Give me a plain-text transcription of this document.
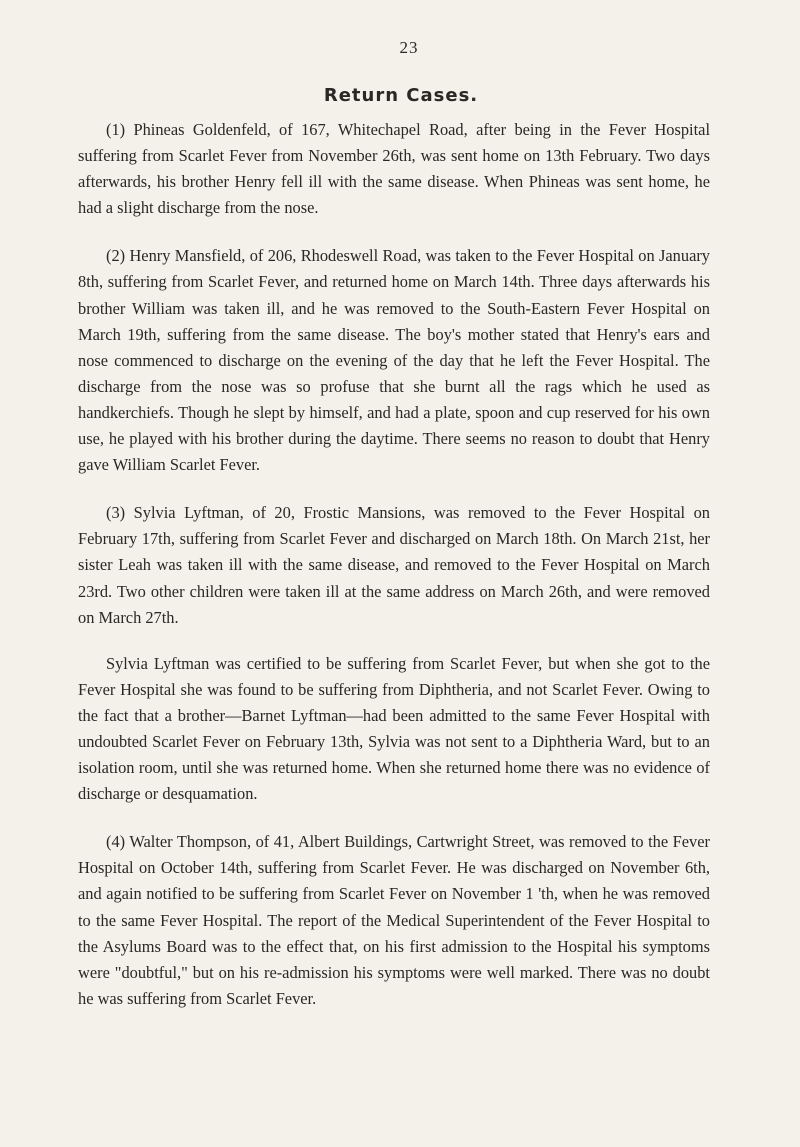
23
Return Cases.

(1) Phineas Goldenfeld, of 167, Whitechapel Road, after being in the Fever Hospital suffering from Scarlet Fever from November 26th, was sent home on 13th February. Two days afterwards, his brother Henry fell ill with the same disease. When Phineas was sent home, he had a slight discharge from the nose.

(2) Henry Mansfield, of 206, Rhodeswell Road, was taken to the Fever Hospital on January 8th, suffering from Scarlet Fever, and returned home on March 14th. Three days afterwards his brother William was taken ill, and he was removed to the South-Eastern Fever Hospital on March 19th, suffering from the same disease. The boy's mother stated that Henry's ears and nose commenced to discharge on the evening of the day that he left the Fever Hospital. The discharge from the nose was so profuse that she burnt all the rags which he used as handkerchiefs. Though he slept by himself, and had a plate, spoon and cup reserved for his own use, he played with his brother during the daytime. There seems no reason to doubt that Henry gave William Scarlet Fever.

(3) Sylvia Lyftman, of 20, Frostic Mansions, was removed to the Fever Hospital on February 17th, suffering from Scarlet Fever and discharged on March 18th. On March 21st, her sister Leah was taken ill with the same disease, and removed to the Fever Hospital on March 23rd. Two other children were taken ill at the same address on March 26th, and were removed on March 27th.

Sylvia Lyftman was certified to be suffering from Scarlet Fever, but when she got to the Fever Hospital she was found to be suffering from Diphtheria, and not Scarlet Fever. Owing to the fact that a brother—Barnet Lyftman—had been admitted to the same Fever Hospital with undoubted Scarlet Fever on February 13th, Sylvia was not sent to a Diphtheria Ward, but to an isolation room, until she was returned home. When she returned home there was no evidence of discharge or desquamation.

(4) Walter Thompson, of 41, Albert Buildings, Cartwright Street, was removed to the Fever Hospital on October 14th, suffering from Scarlet Fever. He was discharged on November 6th, and again notified to be suffering from Scarlet Fever on November 1 'th, when he was removed to the same Fever Hospital. The report of the Medical Superintendent of the Fever Hospital to the Asylums Board was to the effect that, on his first admission to the Hospital his symptoms were "doubtful," but on his re-admission his symptoms were well marked. There was no doubt he was suffering from Scarlet Fever.
